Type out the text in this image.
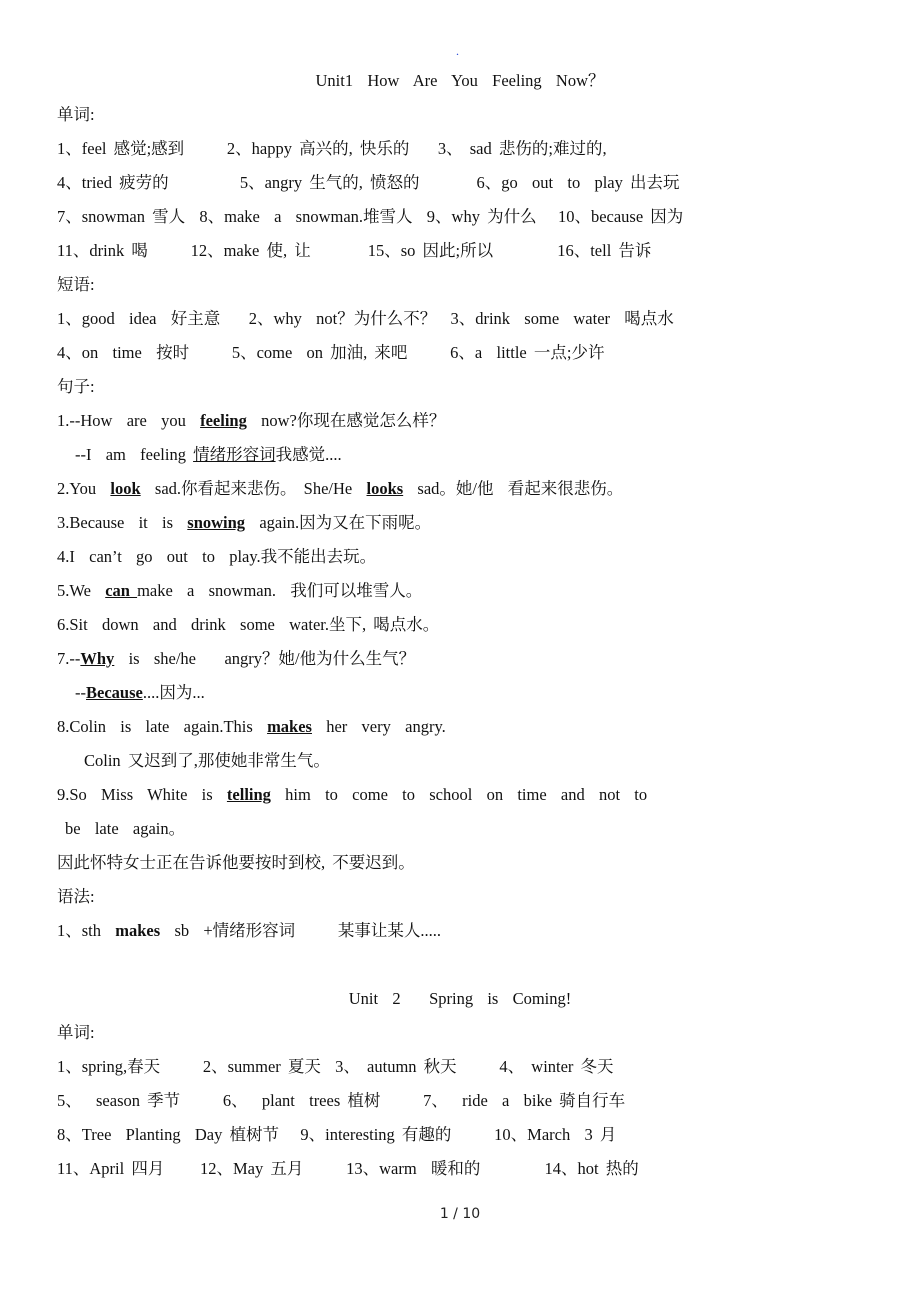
.
Unit1  How  Are  You  Feeling  Now？
单词:
1、feel 感觉;感到      2、happy 高兴的, 快乐的    3、 sad 悲伤的;难过的,
4、tried 疲劳的          5、angry 生气的, 愤怒的        6、go  out  to  play 出去玩
7、snowman 雪人  8、make  a  snowman.堆雪人  9、why 为什么   10、because 因为
11、drink 喝      12、make 使, 让        15、so 因此;所以         16、tell 告诉
短语:
1、good  idea  好主意    2、why  not？为什么不？  3、drink  some  water  喝点水
4、on  time  按时      5、come  on 加油, 来吧      6、a  little 一点;少许
句子:
1.--How  are  you  feeling  now?你现在感觉怎么样？
--I  am  feeling 情绪形容词我感觉....
2.You  look  sad.你看起来悲伤。 She/He  looks  sad。她/他  看起来很悲伤。
3.Because  it  is  snowing  again.因为又在下雨呢。
4.I  can’t  go  out  to  play.我不能出去玩。
5.We  can make  a  snowman.  我们可以堆雪人。
6.Sit  down  and  drink  some  water.坐下, 喝点水。
7.--Why  is  she/he    angry？她/他为什么生气？
--Because....因为...
8.Colin  is  late  again.This  makes  her  very  angry.
Colin 又迟到了,那使她非常生气。
9.So  Miss  White  is  telling  him  to  come  to  school  on  time  and  not  to
be  late  again。
因此怀特女士正在告诉他要按时到校, 不要迟到。
语法:
1、sth  makes  sb  +情绪形容词      某事让某人.....
Unit  2    Spring  is  Coming!
单词:
1、spring,春天      2、summer 夏天  3、 autumn 秋天      4、 winter 冬天
5、  season 季节      6、  plant  trees 植树      7、  ride  a  bike 骑自行车
8、Tree  Planting  Day 植树节   9、interesting 有趣的      10、March  3 月
11、April 四月     12、May 五月      13、warm  暖和的         14、hot 热的
1 / 10
